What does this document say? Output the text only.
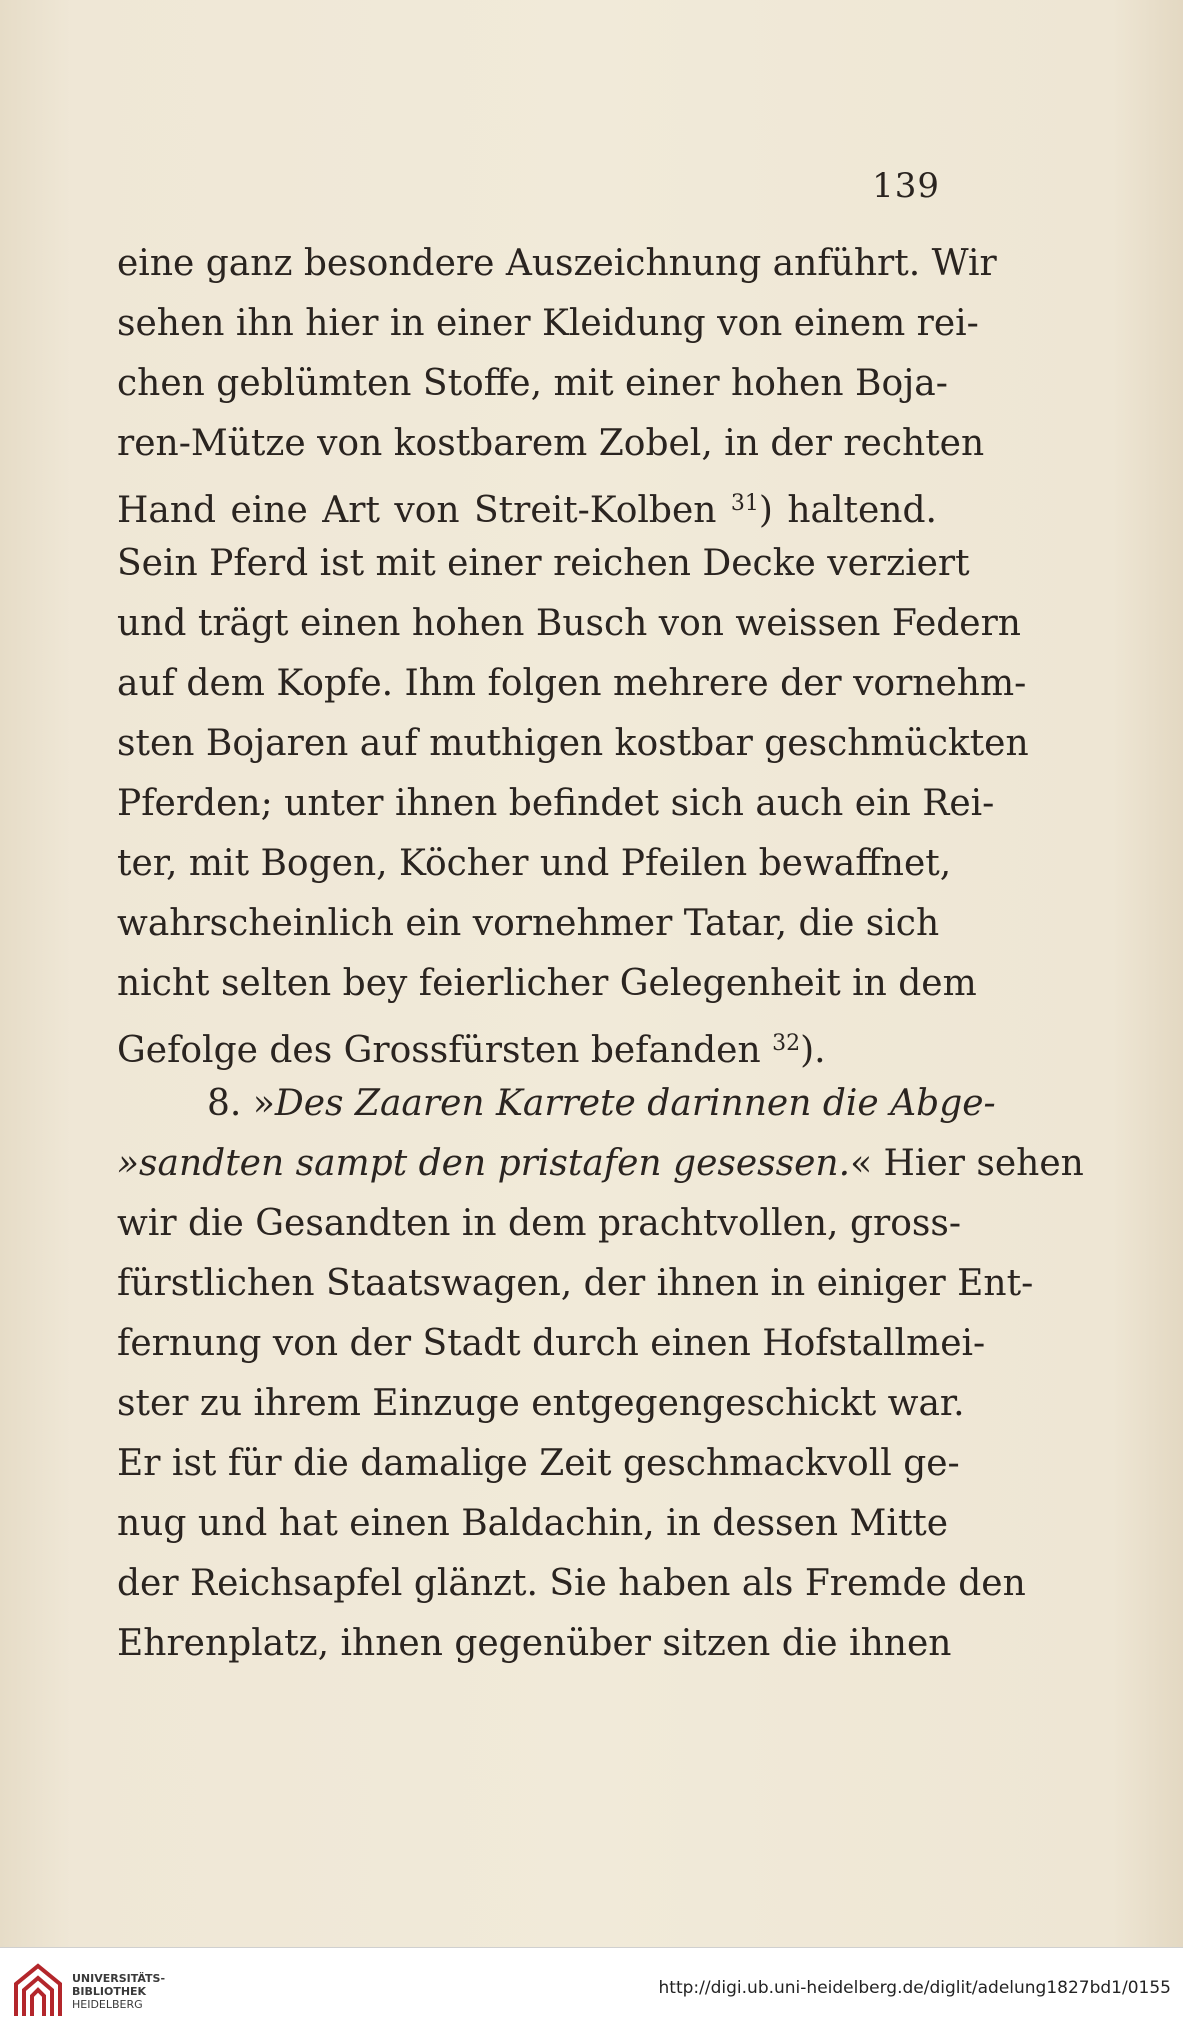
139
eine ganz besondere Auszeichnung anführt. Wir
sehen ihn hier in einer Kleidung von einem rei-
chen geblümten Stoffe, mit einer hohen Boja-
ren-Mütze von kostbarem Zobel, in der rechten
Hand eine Art von Streit-Kolben $^{31}$) haltend.
Sein Pferd ist mit einer reichen Decke verziert
und trägt einen hohen Busch von weissen Federn
auf dem Kopfe. Ihm folgen mehrere der vornehm-
sten Bojaren auf muthigen kostbar geschmückten
Pferden; unter ihnen befindet sich auch ein Rei-
ter, mit Bogen, Köcher und Pfeilen bewaffnet,
wahrscheinlich ein vornehmer Tatar, die sich
nicht selten bey feierlicher Gelegenheit in dem
Gefolge des Grossfürsten befanden $^{32}$).
8. »Des Zaaren Karrete darinnen die Abge-
»sandten sampt den pristafen gesessen.« Hier sehen
wir die Gesandten in dem prachtvollen, gross-
fürstlichen Staatswagen, der ihnen in einiger Ent-
fernung von der Stadt durch einen Hofstallmei-
ster zu ihrem Einzuge entgegengeschickt war.
Er ist für die damalige Zeit geschmackvoll ge-
nug und hat einen Baldachin, in dessen Mitte
der Reichsapfel glänzt. Sie haben als Fremde den
Ehrenplatz, ihnen gegenüber sitzen die ihnen
UNIVERSITÄTS-
BIBLIOTHEK
HEIDELBERG
http://digi.ub.uni-heidelberg.de/diglit/adelung1827bd1/0155
